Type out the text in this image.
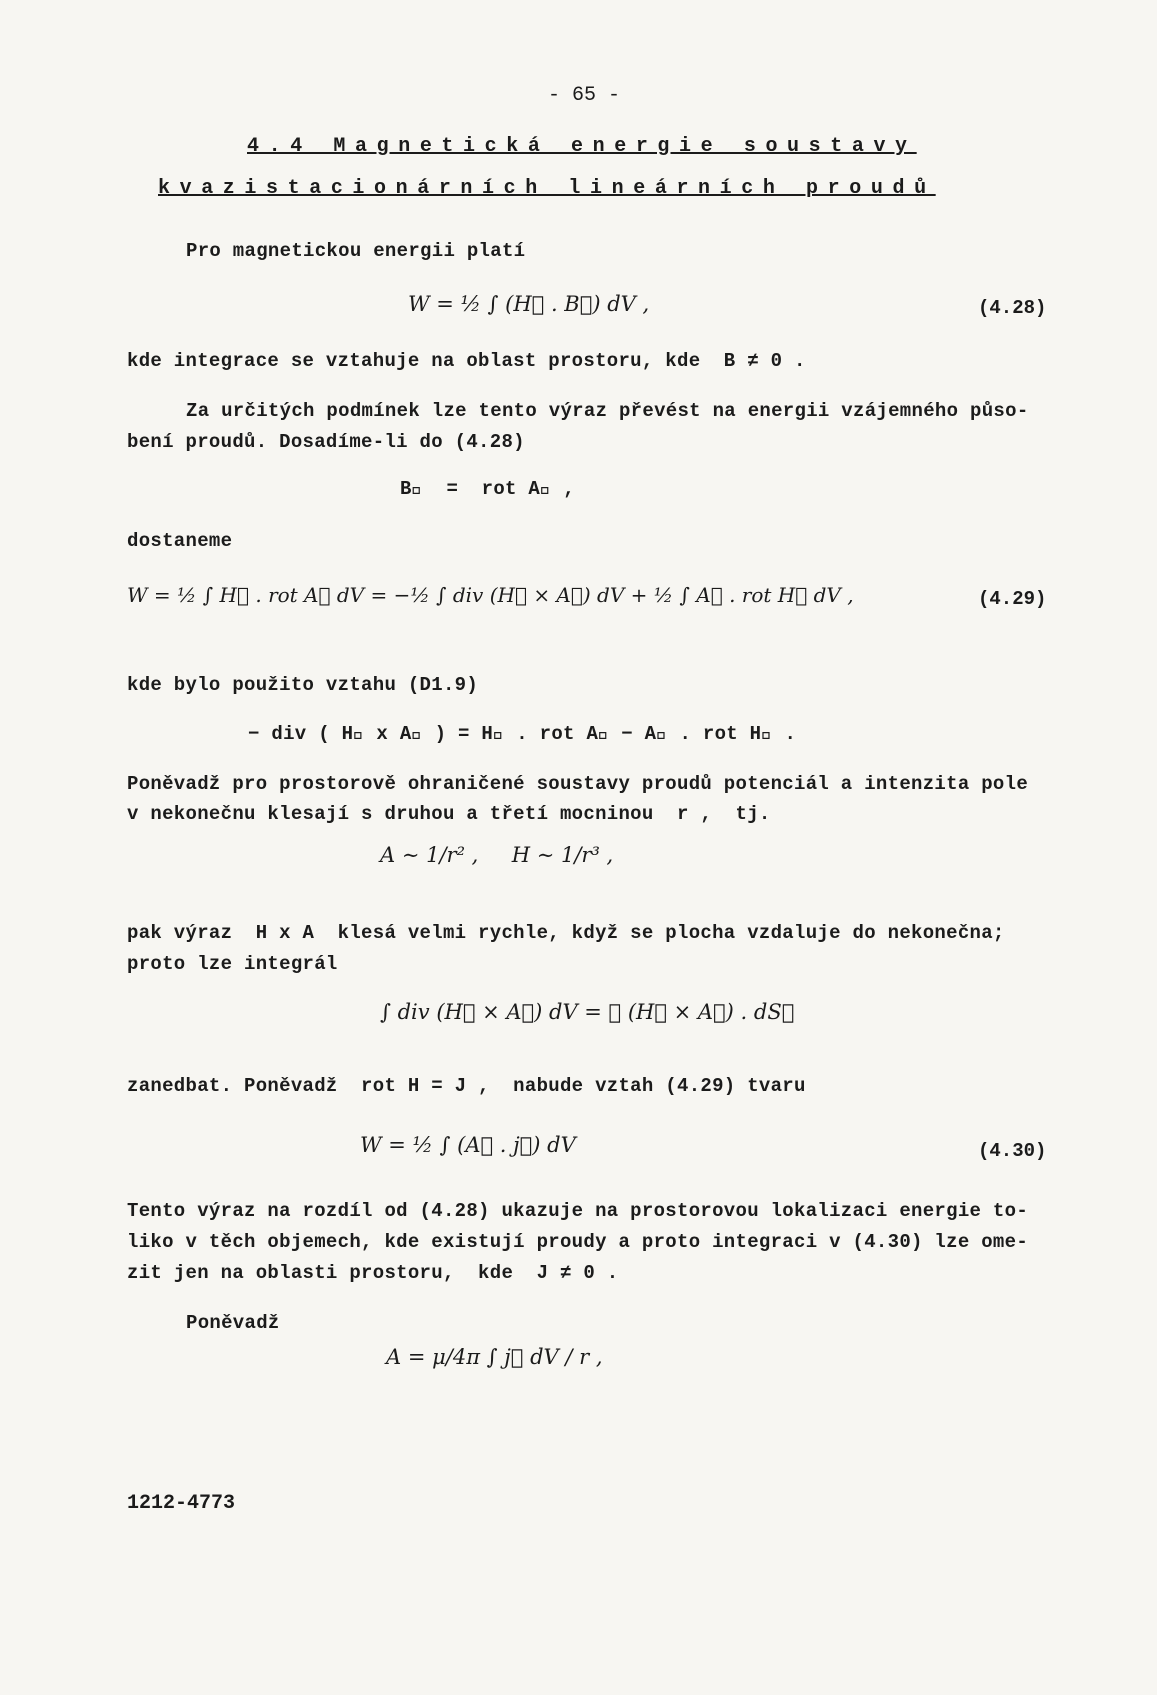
- 65 -
4.4 Magnetická energie soustavy
kvazistacionárních lineárních proudů
Pro magnetickou energii platí
W = ½ ∫ (H⃗ . B⃗) dV ,	(4.28)
kde integrace se vztahuje na oblast prostoru, kde  B ≠ 0 .
Za určitých podmínek lze tento výraz převést na energii vzájemného půso-
bení proudů. Dosadíme-li do (4.28)
B⃗  =  rot A⃗ ,
dostaneme
W = ½ ∫ H⃗ . rot A⃗ dV = −½ ∫ div (H⃗ × A⃗) dV + ½ ∫ A⃗ . rot H⃗ dV ,	(4.29)
kde bylo použito vztahu (D1.9)
− div ( H⃗ x A⃗ ) = H⃗ . rot A⃗ − A⃗ . rot H⃗ .
Poněvadž pro prostorově ohraničené soustavy proudů potenciál a intenzita pole
v nekonečnu klesají s druhou a třetí mocninou  r ,  tj.
A ∼ 1/r² ,     H ∼ 1/r³ ,
pak výraz  H x A  klesá velmi rychle, když se plocha vzdaluje do nekonečna;
proto lze integrál
∫ div (H⃗ × A⃗) dV = ∮ (H⃗ × A⃗) . dS⃗
zanedbat. Poněvadž  rot H = J ,  nabude vztah (4.29) tvaru
W = ½ ∫ (A⃗ . j⃗) dV	(4.30)
Tento výraz na rozdíl od (4.28) ukazuje na prostorovou lokalizaci energie to-
liko v těch objemech, kde existují proudy a proto integraci v (4.30) lze ome-
zit jen na oblasti prostoru,  kde  J ≠ 0 .
Poněvadž
A = μ/4π ∫ j⃗ dV / r ,
1212-4773
